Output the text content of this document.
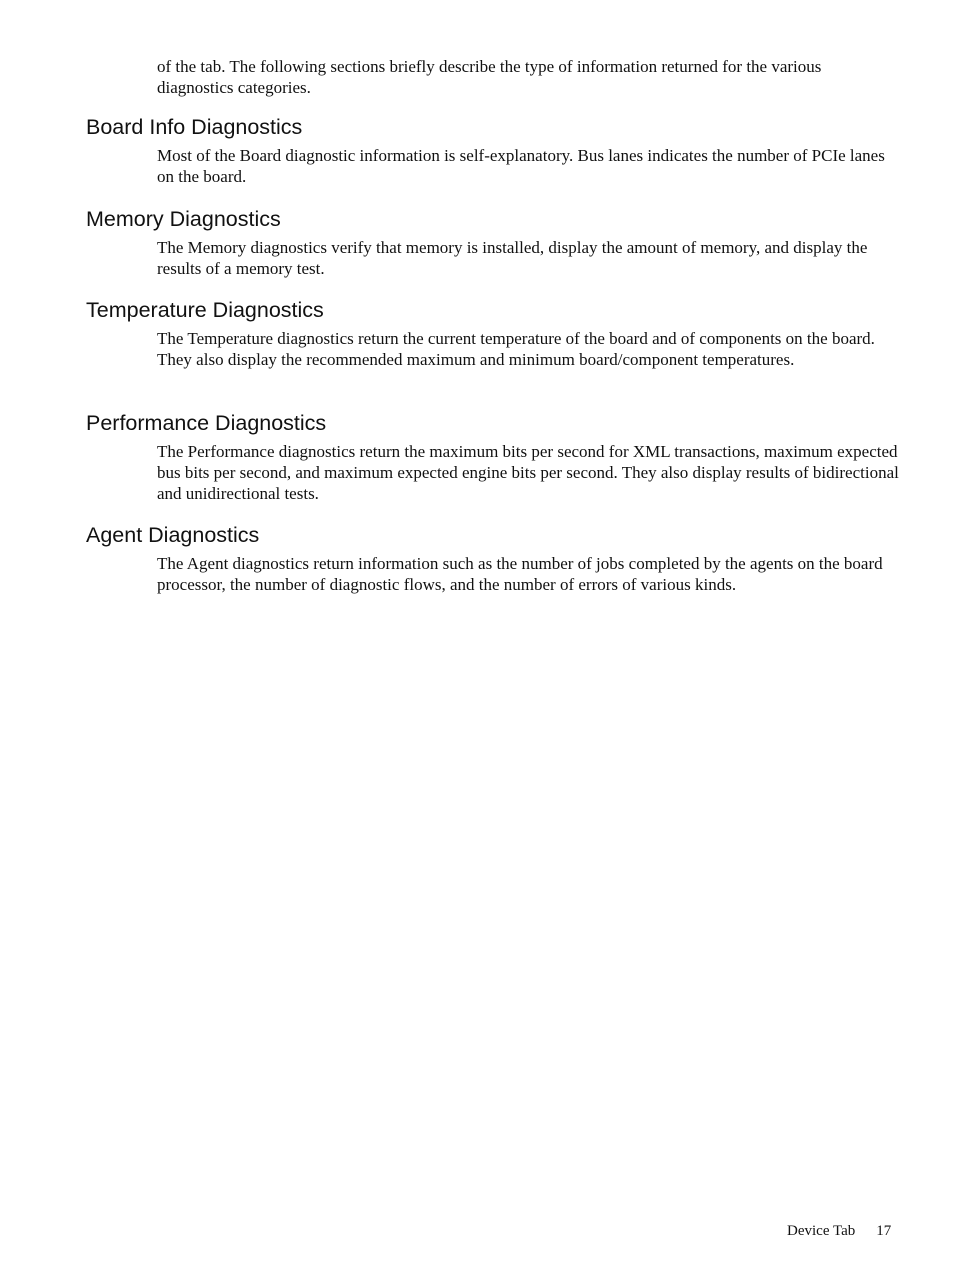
of the tab. The following sections briefly describe the type of information returned for the various diagnostics categories.

Board Info Diagnostics

Most of the Board diagnostic information is self-explanatory. Bus lanes indicates the number of PCIe lanes on the board.

Memory Diagnostics

The Memory diagnostics verify that memory is installed, display the amount of memory, and display the results of a memory test.

Temperature Diagnostics

The Temperature diagnostics return the current temperature of the board and of components on the board. They also display the recommended maximum and minimum board/component temperatures.

Performance Diagnostics

The Performance diagnostics return the maximum bits per second for XML transactions, maximum expected bus bits per second, and maximum expected engine bits per second. They also display results of bidirectional and unidirectional tests.

Agent Diagnostics

The Agent diagnostics return information such as the number of jobs completed by the agents on the board processor, the number of diagnostic flows, and the number of errors of various kinds.

Device Tab 17
